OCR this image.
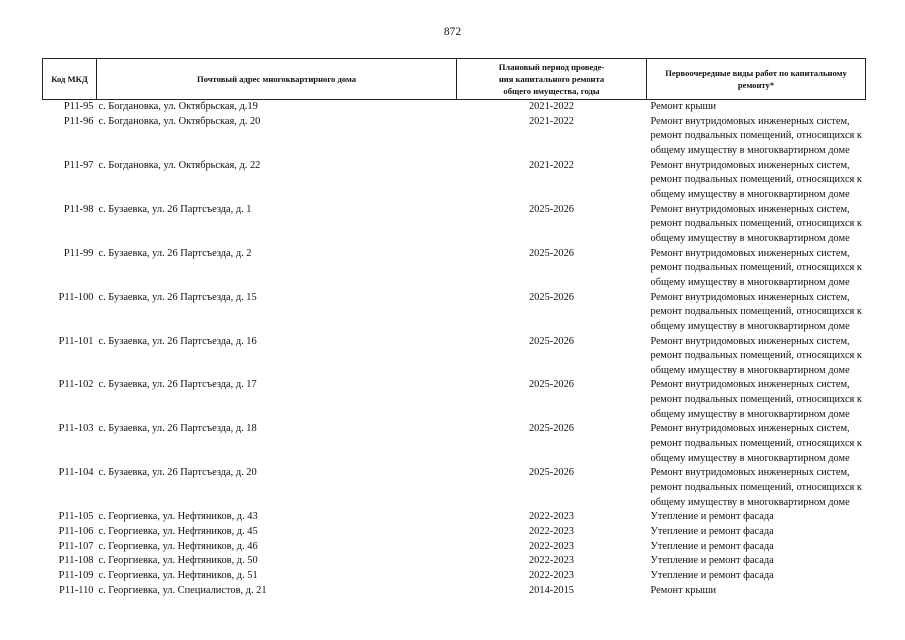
872
Код МКД	Почтовый адрес многоквартирного дома	Плановый период проведе-
ния капитального ремонта
общего имущества, годы	Первоочередные виды работ по капитальному
ремонту*

Р11-95	с. Богдановка, ул. Октябрьская, д.19	2021-2022	Ремонт крыши

Р11-96	с. Богдановка, ул. Октябрьская, д. 20	2021-2022	Ремонт внутридомовых инженерных систем,
ремонт подвальных помещений, относящихся к
общему имуществу в многоквартирном доме

Р11-97	с. Богдановка, ул. Октябрьская, д. 22	2021-2022	Ремонт внутридомовых инженерных систем,
ремонт подвальных помещений, относящихся к
общему имуществу в многоквартирном доме

Р11-98	с. Бузаевка, ул. 26 Партсъезда, д. 1	2025-2026	Ремонт внутридомовых инженерных систем,
ремонт подвальных помещений, относящихся к
общему имуществу в многоквартирном доме

Р11-99	с. Бузаевка, ул. 26 Партсъезда, д. 2	2025-2026	Ремонт внутридомовых инженерных систем,
ремонт подвальных помещений, относящихся к
общему имуществу в многоквартирном доме

Р11-100	с. Бузаевка, ул. 26 Партсъезда, д. 15	2025-2026	Ремонт внутридомовых инженерных систем,
ремонт подвальных помещений, относящихся к
общему имуществу в многоквартирном доме

Р11-101	с. Бузаевка, ул. 26 Партсъезда, д. 16	2025-2026	Ремонт внутридомовых инженерных систем,
ремонт подвальных помещений, относящихся к
общему имуществу в многоквартирном доме

Р11-102	с. Бузаевка, ул. 26 Партсъезда, д. 17	2025-2026	Ремонт внутридомовых инженерных систем,
ремонт подвальных помещений, относящихся к
общему имуществу в многоквартирном доме

Р11-103	с. Бузаевка, ул. 26 Партсъезда, д. 18	2025-2026	Ремонт внутридомовых инженерных систем,
ремонт подвальных помещений, относящихся к
общему имуществу в многоквартирном доме

Р11-104	с. Бузаевка, ул. 26 Партсъезда, д. 20	2025-2026	Ремонт внутридомовых инженерных систем,
ремонт подвальных помещений, относящихся к
общему имуществу в многоквартирном доме

Р11-105	с. Георгиевка, ул. Нефтяников, д. 43	2022-2023	Утепление и ремонт фасада

Р11-106	с. Георгиевка, ул. Нефтяников, д. 45	2022-2023	Утепление и ремонт фасада

Р11-107	с. Георгиевка, ул. Нефтяников, д. 46	2022-2023	Утепление и ремонт фасада

Р11-108	с. Георгиевка, ул. Нефтяников, д. 50	2022-2023	Утепление и ремонт фасада

Р11-109	с. Георгиевка, ул. Нефтяников, д. 51	2022-2023	Утепление и ремонт фасада

Р11-110	с. Георгиевка, ул. Специалистов, д. 21	2014-2015	Ремонт крыши
